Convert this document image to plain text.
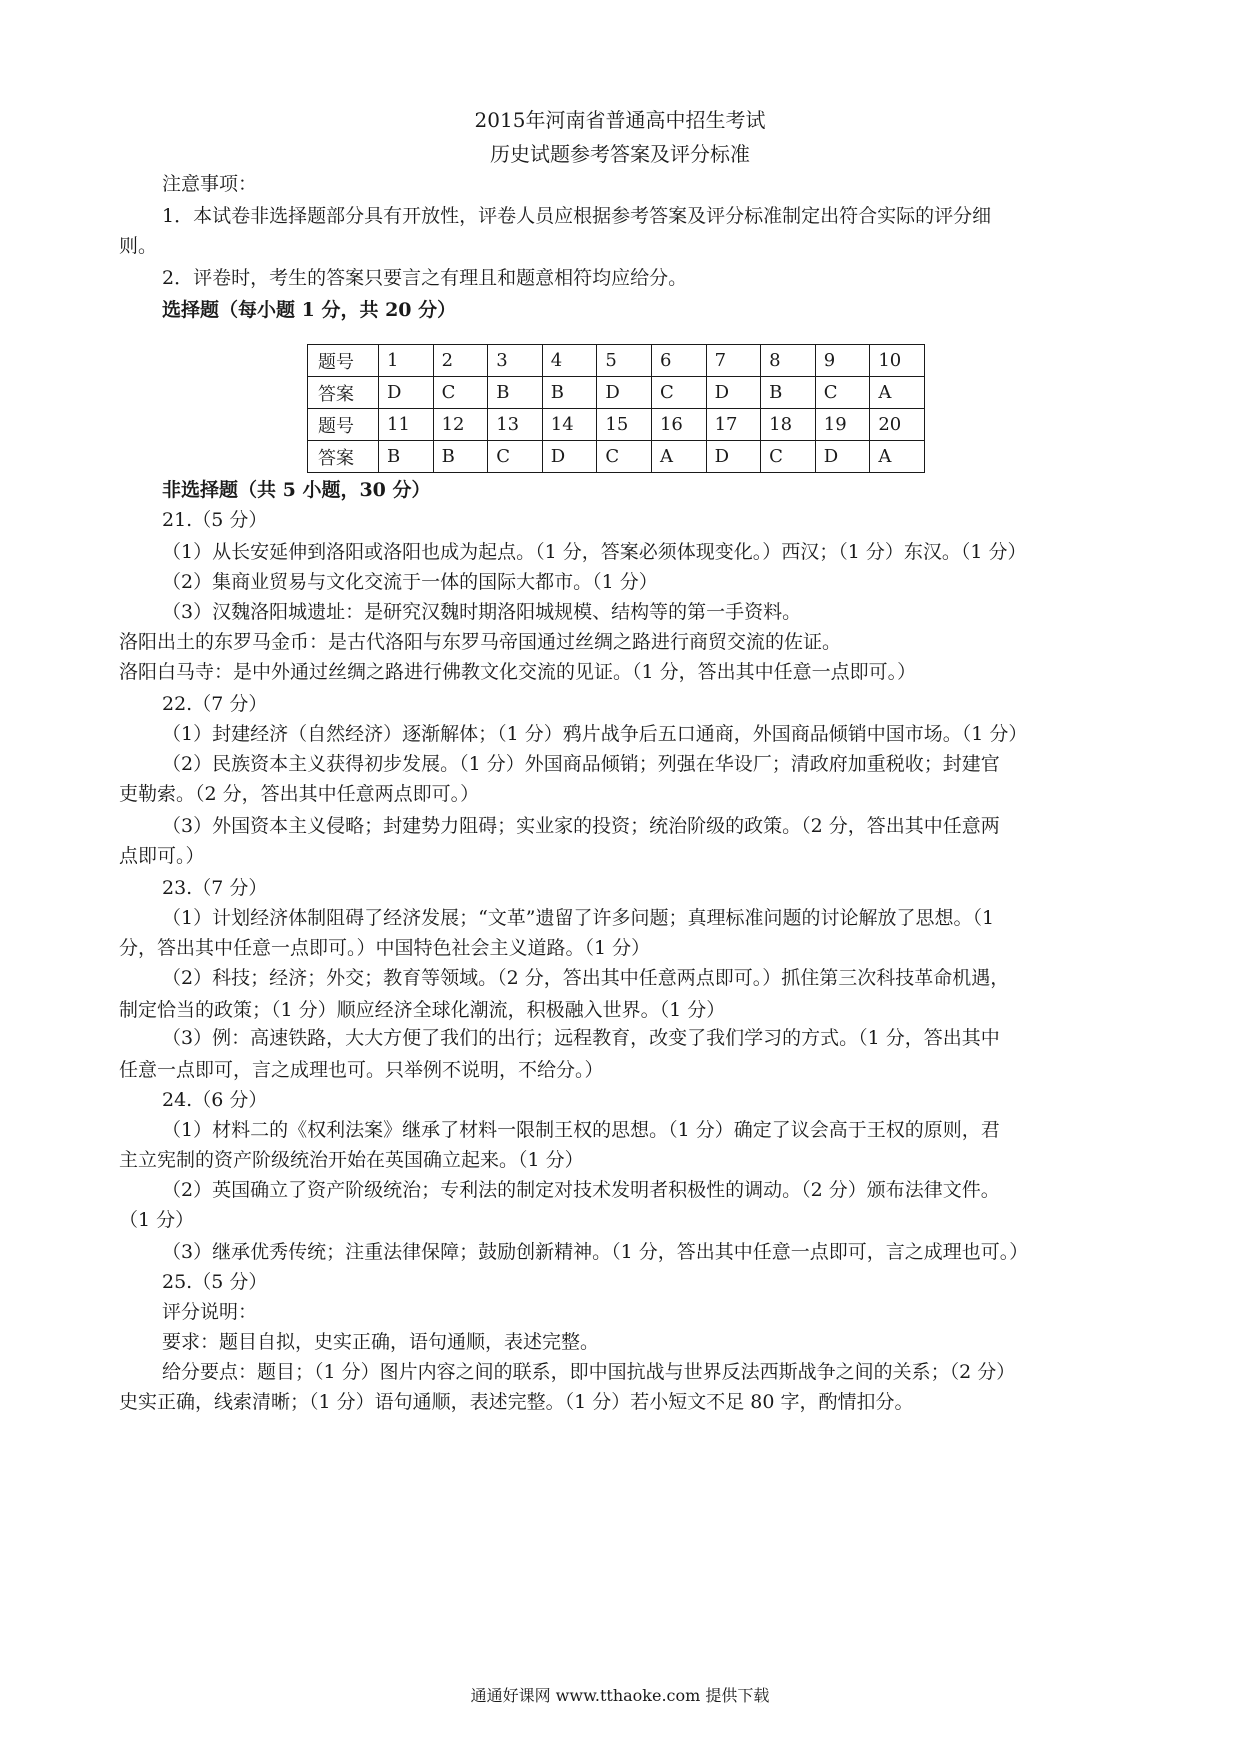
2015年河南省普通高中招生考试
历史试题参考答案及评分标准
注意事项：
1．本试卷非选择题部分具有开放性，评卷人员应根据参考答案及评分标准制定出符合实际的评分细
则。
2．评卷时，考生的答案只要言之有理且和题意相符均应给分。
选择题（每小题 1 分，共 20 分）
题号	1	2	3	4	5	6	7	8	9	10
答案	D	C	B	B	D	C	D	B	C	A
题号	11	12	13	14	15	16	17	18	19	20
答案	B	B	C	D	C	A	D	C	D	A
非选择题（共 5 小题，30 分）
21.（5 分）
（1）从长安延伸到洛阳或洛阳也成为起点。（1 分，答案必须体现变化。）西汉；（1 分）东汉。（1 分）
（2）集商业贸易与文化交流于一体的国际大都市。（1 分）
（3）汉魏洛阳城遗址：是研究汉魏时期洛阳城规模、结构等的第一手资料。
洛阳出土的东罗马金币：是古代洛阳与东罗马帝国通过丝绸之路进行商贸交流的佐证。
洛阳白马寺：是中外通过丝绸之路进行佛教文化交流的见证。（1 分，答出其中任意一点即可。）
22.（7 分）
（1）封建经济（自然经济）逐渐解体；（1 分）鸦片战争后五口通商，外国商品倾销中国市场。（1 分）
（2）民族资本主义获得初步发展。（1 分）外国商品倾销；列强在华设厂；清政府加重税收；封建官
吏勒索。（2 分，答出其中任意两点即可。）
（3）外国资本主义侵略；封建势力阻碍；实业家的投资；统治阶级的政策。（2 分，答出其中任意两
点即可。）
23.（7 分）
（1）计划经济体制阻碍了经济发展；“文革”遗留了许多问题；真理标准问题的讨论解放了思想。（1
分，答出其中任意一点即可。）中国特色社会主义道路。（1 分）
（2）科技；经济；外交；教育等领域。（2 分，答出其中任意两点即可。）抓住第三次科技革命机遇，
制定恰当的政策；（1 分）顺应经济全球化潮流，积极融入世界。（1 分）
（3）例：高速铁路，大大方便了我们的出行；远程教育，改变了我们学习的方式。（1 分，答出其中
任意一点即可，言之成理也可。只举例不说明，不给分。）
24.（6 分）
（1）材料二的《权利法案》继承了材料一限制王权的思想。（1 分）确定了议会高于王权的原则，君
主立宪制的资产阶级统治开始在英国确立起来。（1 分）
（2）英国确立了资产阶级统治；专利法的制定对技术发明者积极性的调动。（2 分）颁布法律文件。
（1 分）
（3）继承优秀传统；注重法律保障；鼓励创新精神。（1 分，答出其中任意一点即可，言之成理也可。）
25.（5 分）
评分说明：
要求：题目自拟，史实正确，语句通顺，表述完整。
给分要点：题目；（1 分）图片内容之间的联系，即中国抗战与世界反法西斯战争之间的关系；（2 分）
史实正确，线索清晰；（1 分）语句通顺，表述完整。（1 分）若小短文不足 80 字，酌情扣分。
通通好课网 www.tthaoke.com 提供下载
